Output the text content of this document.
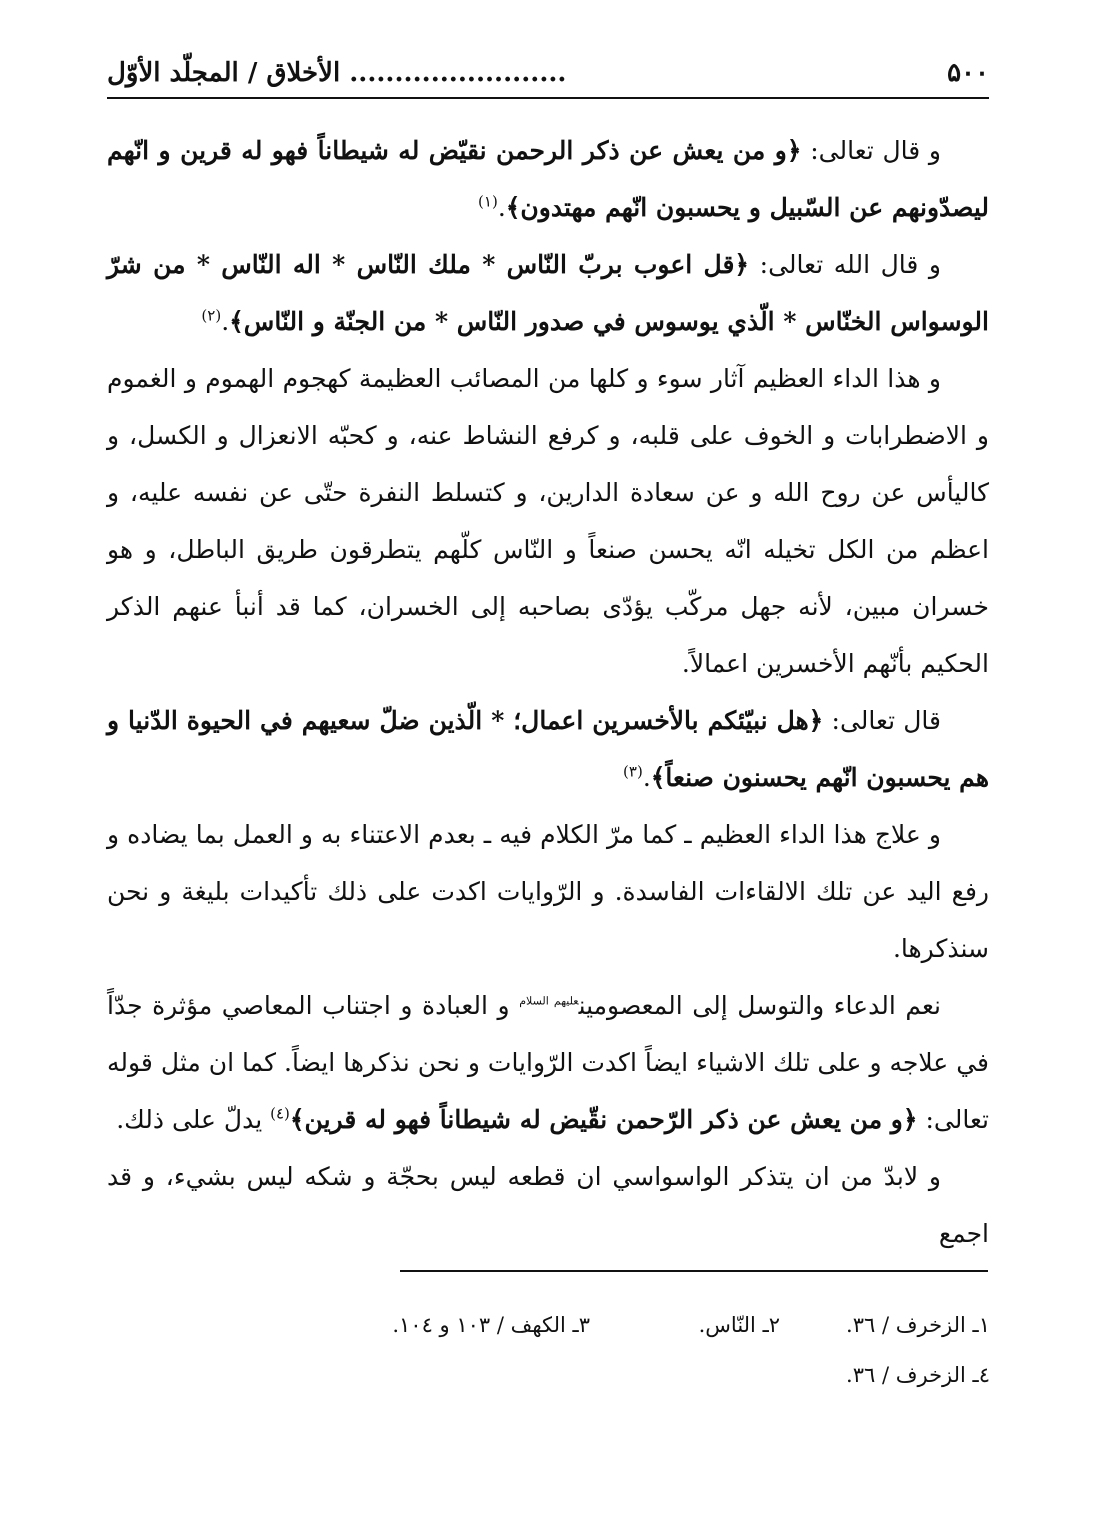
۵۰۰
........................ الأخلاق / المجلّد الأوّل

و قال تعالى: ﴿و من يعش عن ذكر الرحمن نقيّض له شيطاناً فهو له قرين و انّهم ليصدّونهم عن السّبيل و يحسبون انّهم مهتدون﴾.$^{(١)}$

و قال الله تعالى: ﴿قل اعوب بربّ النّاس * ملك النّاس * اله النّاس * من شرّ الوسواس الخنّاس * الّذي يوسوس في صدور النّاس * من الجنّة و النّاس﴾.$^{(٢)}$

و هذا الداء العظيم آثار سوء و كلها من المصائب العظيمة كهجوم الهموم و الغموم و الاضطرابات و الخوف على قلبه، و كرفع النشاط عنه، و كحبّه الانعزال و الكسل، و كاليأس عن روح الله و عن سعادة الدارين، و كتسلط النفرة حتّى عن نفسه عليه، و اعظم من الكل تخيله انّه يحسن صنعاً و النّاس كلّهم يتطرقون طريق الباطل، و هو خسران مبين، لأنه جهل مركّب يؤدّى بصاحبه إلى الخسران، كما قد أنبأ عنهم الذكر الحكيم بأنّهم الأخسرين اعمالاً.

قال تعالى: ﴿هل نبيّئكم بالأخسرين اعمال؛ * الّذين ضلّ سعيهم في الحيوة الدّنيا و هم يحسبون انّهم يحسنون صنعاً﴾.$^{(٣)}$

و علاج هذا الداء العظيم ـ كما مرّ الكلام فيه ـ بعدم الاعتناء به و العمل بما يضاده و رفع اليد عن تلك الالقاءات الفاسدة. و الرّوايات اكدت على ذلك تأكيدات بليغة و نحن سنذكرها.

نعم الدعاء والتوسل إلى المعصومين$^{عليهم السلام}$ و العبادة و اجتناب المعاصي مؤثرة جدّاً في علاجه و على تلك الاشياء ايضاً اكدت الرّوايات و نحن نذكرها ايضاً. كما ان مثل قوله تعالى: ﴿و من يعش عن ذكر الرّحمن نقّيض له شيطاناً فهو له قرين﴾$^{(٤)}$ يدلّ على ذلك.

و لابدّ من ان يتذكر الواسواسي ان قطعه ليس بحجّة و شكه ليس بشيء، و قد اجمع

١ـ الزخرف / ٣٦.
٢ـ النّاس.
٣ـ الكهف / ١٠٣ و ١٠٤.
٤ـ الزخرف / ٣٦.
